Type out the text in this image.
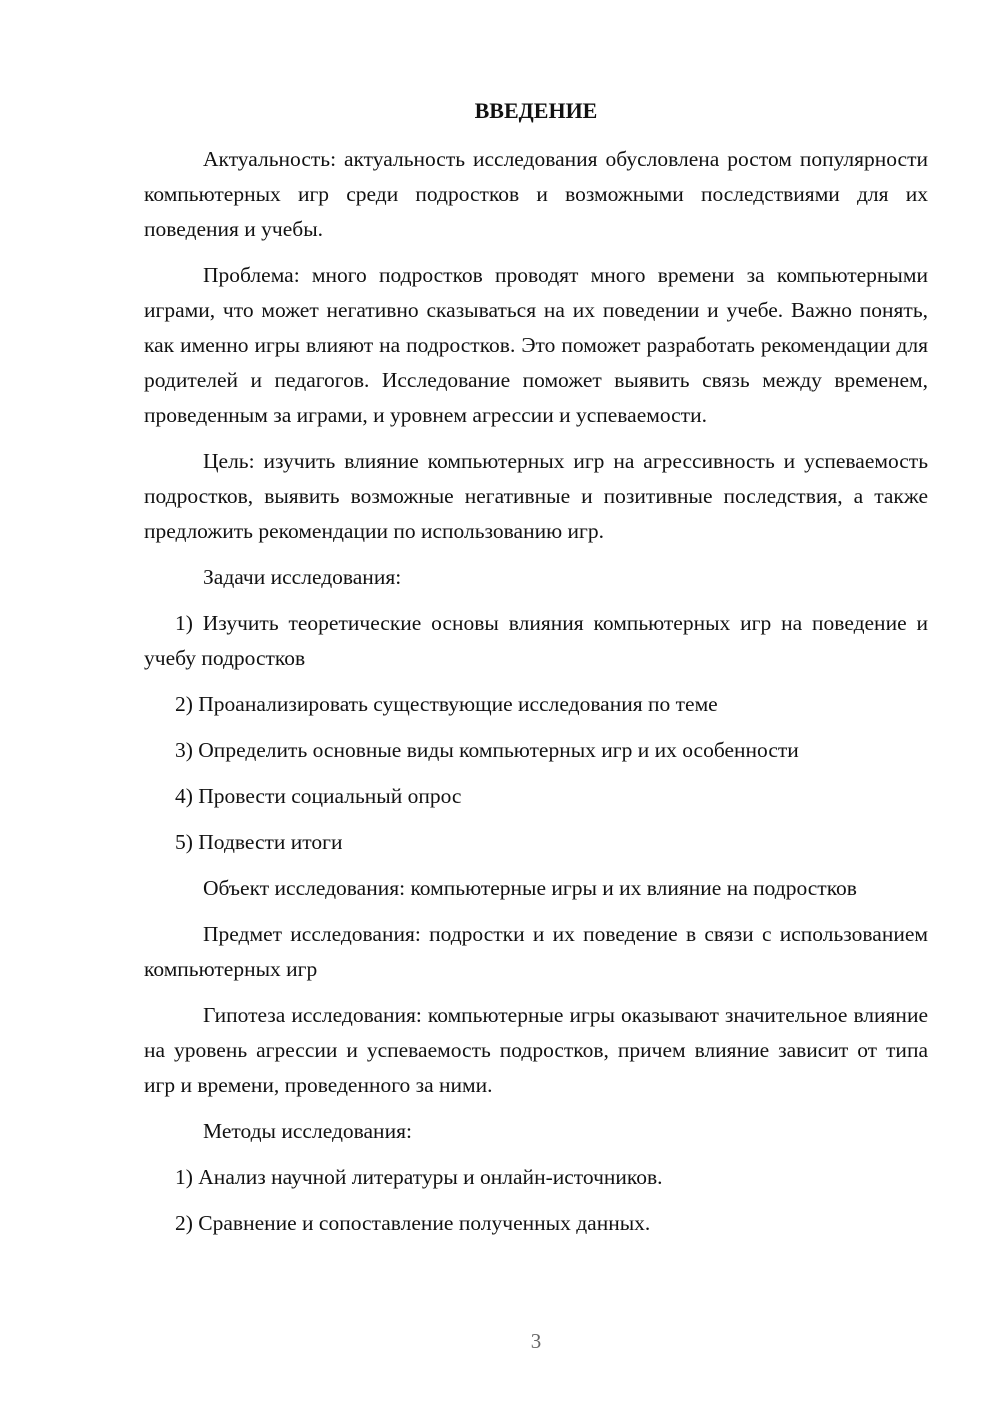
ВВЕДЕНИЕ

Актуальность: актуальность исследования обусловлена ростом популярности компьютерных игр среди подростков и возможными последствиями для их поведения и учебы.

Проблема: много подростков проводят много времени за компьютерными играми, что может негативно сказываться на их поведении и учебе. Важно понять, как именно игры влияют на подростков. Это поможет разработать рекомендации для родителей и педагогов. Исследование поможет выявить связь между временем, проведенным за играми, и уровнем агрессии и успеваемости.

Цель: изучить влияние компьютерных игр на агрессивность и успеваемость подростков, выявить возможные негативные и позитивные последствия, а также предложить рекомендации по использованию игр.

Задачи исследования:

1) Изучить теоретические основы влияния компьютерных игр на поведение и учебу подростков

2) Проанализировать существующие исследования по теме

3) Определить основные виды компьютерных игр и их особенности

4) Провести социальный опрос

5) Подвести итоги

Объект исследования: компьютерные игры и их влияние на подростков

Предмет исследования: подростки и их поведение в связи с использованием компьютерных игр

Гипотеза исследования: компьютерные игры оказывают значительное влияние на уровень агрессии и успеваемость подростков, причем влияние зависит от типа игр и времени, проведенного за ними.

Методы исследования:

1) Анализ научной литературы и онлайн-источников.

2) Сравнение и сопоставление полученных данных.

3
